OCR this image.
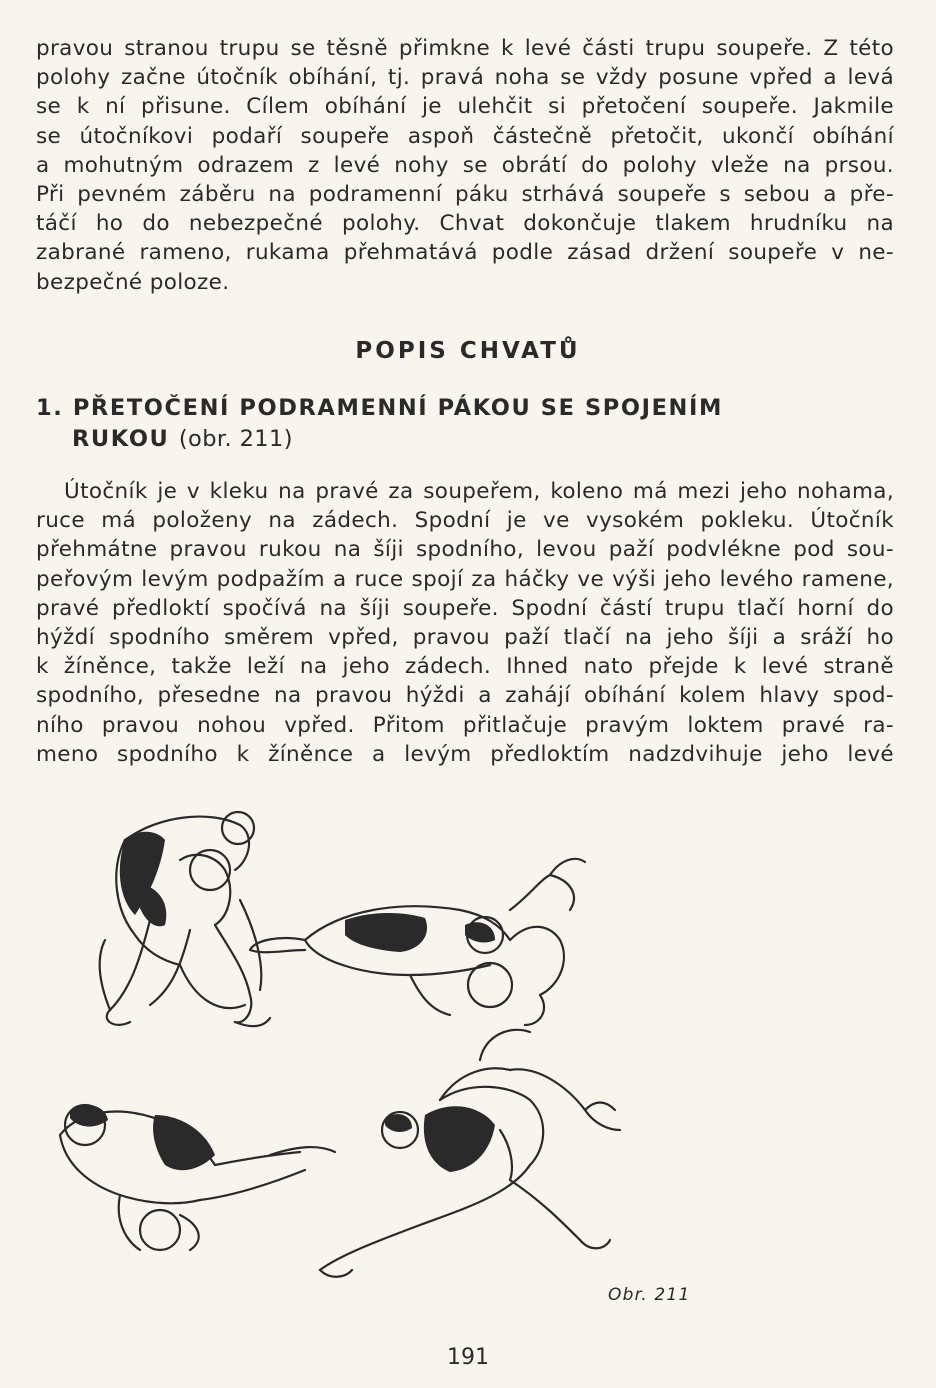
pravou stranou trupu se těsně přimkne k levé části trupu soupeře. Z této
polohy začne útočník obíhání, tj. pravá noha se vždy posune vpřed a levá
se k ní přisune. Cílem obíhání je ulehčit si přetočení soupeře. Jakmile
se útočníkovi podaří soupeře aspoň částečně přetočit, ukončí obíhání
a mohutným odrazem z levé nohy se obrátí do polohy vleže na prsou.
Při pevném záběru na podramenní páku strhává soupeře s sebou a pře-
táčí ho do nebezpečné polohy. Chvat dokončuje tlakem hrudníku na
zabrané rameno, rukama přehmatává podle zásad držení soupeře v ne-
bezpečné poloze.
POPIS CHVATŮ
1. PŘETOČENÍ PODRAMENNÍ PÁKOU SE SPOJENÍM
RUKOU (obr. 211)
Útočník je v kleku na pravé za soupeřem, koleno má mezi jeho nohama,
ruce má položeny na zádech. Spodní je ve vysokém pokleku. Útočník
přehmátne pravou rukou na šíji spodního, levou paží podvlékne pod sou-
peřovým levým podpažím a ruce spojí za háčky ve výši jeho levého ramene,
pravé předloktí spočívá na šíji soupeře. Spodní částí trupu tlačí horní do
hýždí spodního směrem vpřed, pravou paží tlačí na jeho šíji a sráží ho
k žíněnce, takže leží na jeho zádech. Ihned nato přejde k levé straně
spodního, přesedne na pravou hýždi a zahájí obíhání kolem hlavy spod-
ního pravou nohou vpřed. Přitom přitlačuje pravým loktem pravé ra-
meno spodního k žíněnce a levým předloktím nadzdvihuje jeho levé
Obr. 211
191
